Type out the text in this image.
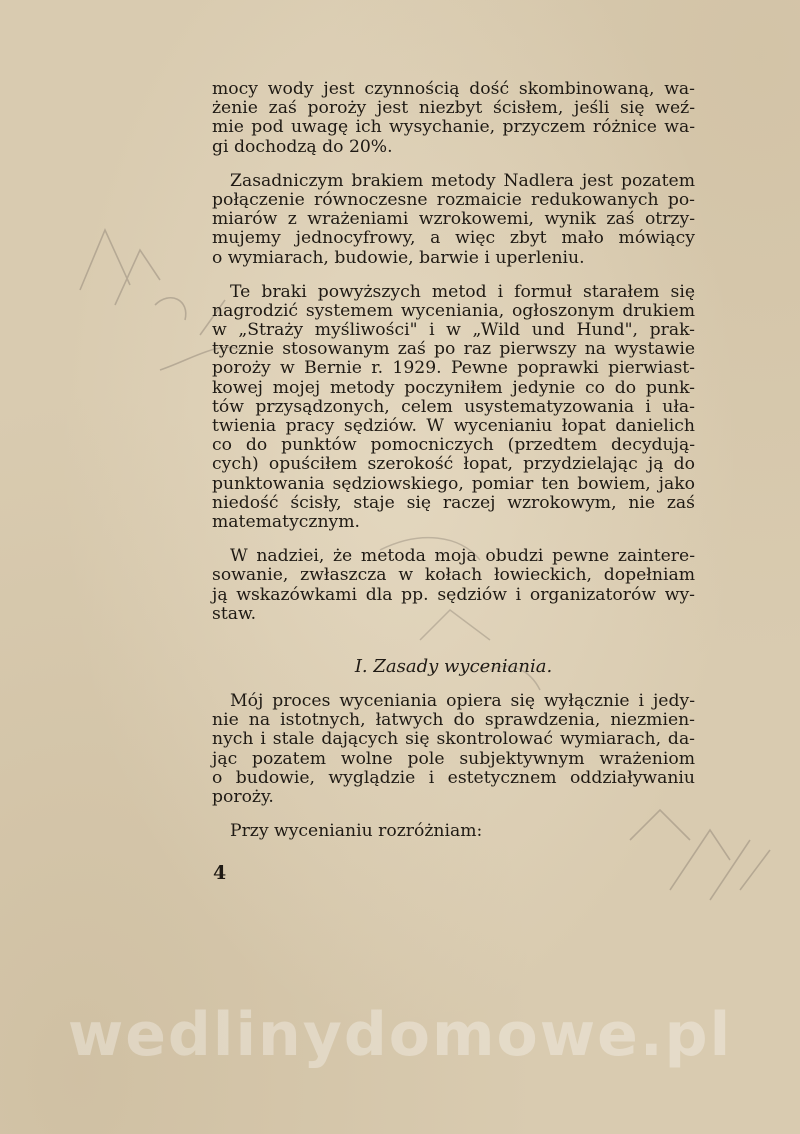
mocy wody jest czynnością dość skombinowaną, wa-
żenie zaś poroży jest niezbyt ścisłem, jeśli się weź-
mie pod uwagę ich wysychanie, przyczem różnice wa-
gi dochodzą do 20%.
Zasadniczym brakiem metody Nadlera jest pozatem
połączenie równoczesne rozmaicie redukowanych po-
miarów z wrażeniami wzrokowemi, wynik zaś otrzy-
mujemy jednocyfrowy, a więc zbyt mało mówiący
o wymiarach, budowie, barwie i uperleniu.
Te braki powyższych metod i formuł starałem się
nagrodzić systemem wyceniania, ogłoszonym drukiem
w „Straży myśliwości" i w „Wild und Hund", prak-
tycznie stosowanym zaś po raz pierwszy na wystawie
poroży w Bernie r. 1929. Pewne poprawki pierwiast-
kowej mojej metody poczyniłem jedynie co do punk-
tów przysądzonych, celem usystematyzowania i uła-
twienia pracy sędziów. W wycenianiu łopat danielich
co do punktów pomocniczych (przedtem decydują-
cych) opuściłem szerokość łopat, przydzielając ją do
punktowania sędziowskiego, pomiar ten bowiem, jako
niedość ścisły, staje się raczej wzrokowym, nie zaś
matematycznym.
W nadziei, że metoda moja obudzi pewne zaintere-
sowanie, zwłaszcza w kołach łowieckich, dopełniam
ją wskazówkami dla pp. sędziów i organizatorów wy-
staw.
I. Zasady wyceniania.
Mój proces wyceniania opiera się wyłącznie i jedy-
nie na istotnych, łatwych do sprawdzenia, niezmien-
nych i stale dających się skontrolować wymiarach, da-
jąc pozatem wolne pole subjektywnym wrażeniom
o budowie, wyglądzie i estetycznem oddziaływaniu
poroży.
Przy wycenianiu rozróżniam:
4
wedlinydomowe.pl
